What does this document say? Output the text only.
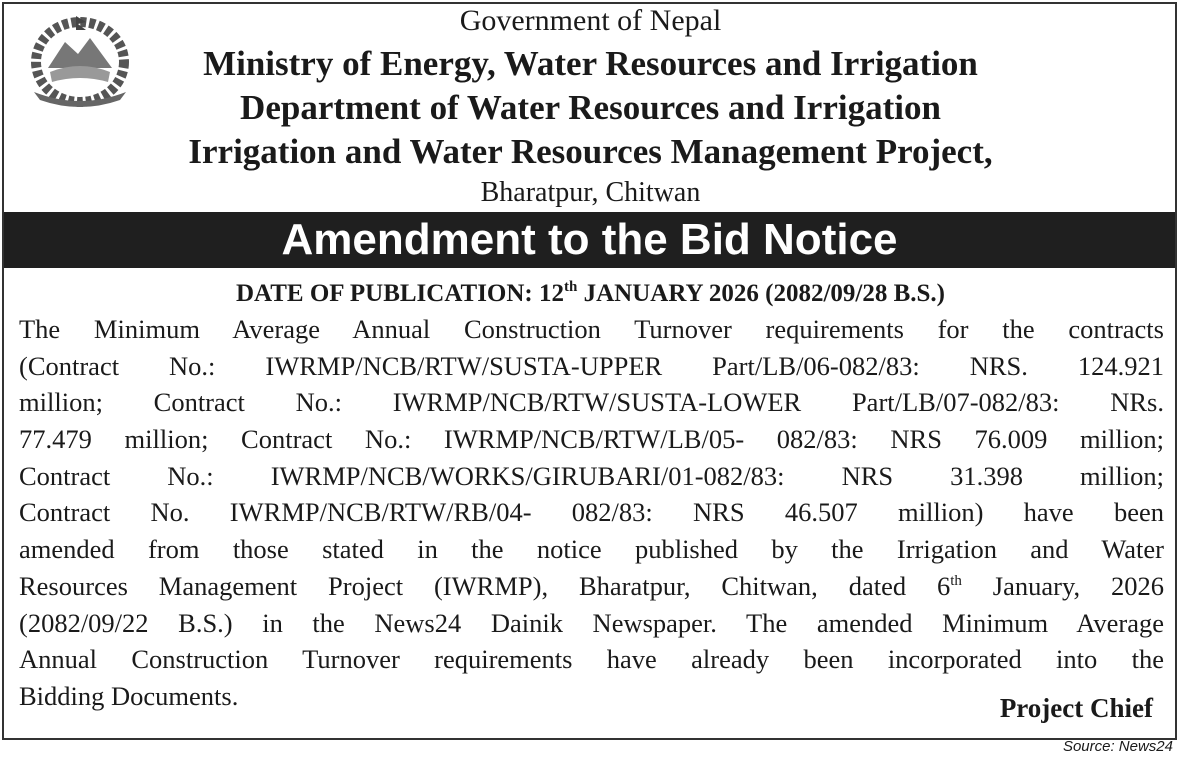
Government of Nepal
Ministry of Energy, Water Resources and Irrigation
Department of Water Resources and Irrigation
Irrigation and Water Resources Management Project,
Bharatpur, Chitwan
Amendment to the Bid Notice
DATE OF PUBLICATION: 12th JANUARY 2026 (2082/09/28 B.S.)
The Minimum Average Annual Construction Turnover requirements for the contracts
(Contract No.: IWRMP/NCB/RTW/SUSTA-UPPER Part/LB/06-082/83: NRS. 124.921
million; Contract No.: IWRMP/NCB/RTW/SUSTA-LOWER Part/LB/07-082/83: NRs.
77.479 million; Contract No.: IWRMP/NCB/RTW/LB/05- 082/83: NRS 76.009 million;
Contract No.: IWRMP/NCB/WORKS/GIRUBARI/01-082/83: NRS 31.398 million;
Contract No. IWRMP/NCB/RTW/RB/04- 082/83: NRS 46.507 million) have been
amended from those stated in the notice published by the Irrigation and Water
Resources Management Project (IWRMP), Bharatpur, Chitwan, dated 6th January, 2026
(2082/09/22 B.S.) in the News24 Dainik Newspaper. The amended Minimum Average
Annual Construction Turnover requirements have already been incorporated into the
Bidding Documents.	Project Chief
Source: News24
